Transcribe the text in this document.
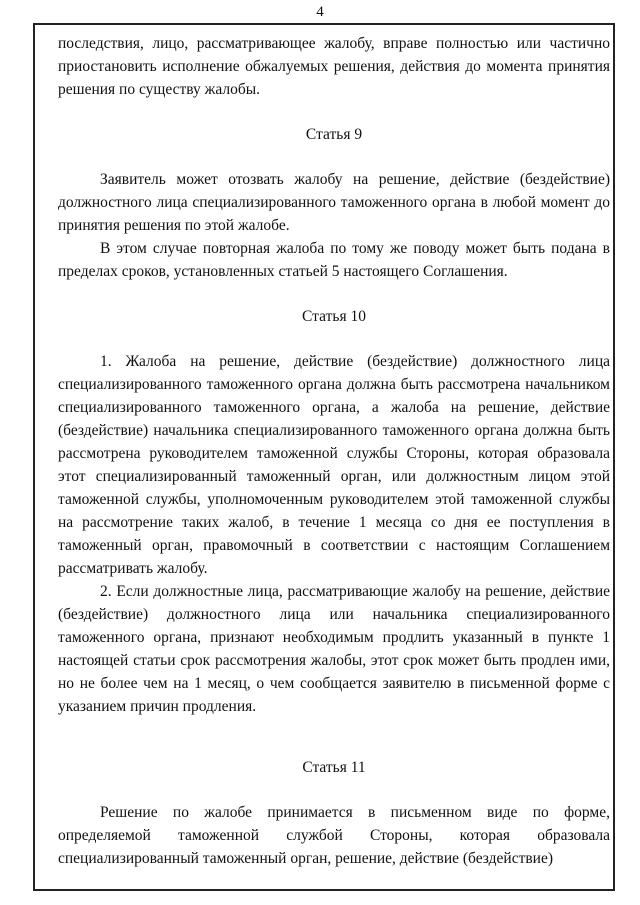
4

последствия, лицо, рассматривающее жалобу, вправе полностью или частично приостановить исполнение обжалуемых решения, действия до момента принятия решения по существу жалобы.

Статья 9

Заявитель может отозвать жалобу на решение, действие (бездействие) должностного лица специализированного таможенного органа в любой момент до принятия решения по этой жалобе.

В этом случае повторная жалоба по тому же поводу может быть подана в пределах сроков, установленных статьей 5 настоящего Соглашения.

Статья 10

1. Жалоба на решение, действие (бездействие) должностного лица специализированного таможенного органа должна быть рассмотрена начальником специализированного таможенного органа, а жалоба на решение, действие (бездействие) начальника специализированного таможенного органа должна быть рассмотрена руководителем таможенной службы Стороны, которая образовала этот специализированный таможенный орган, или должностным лицом этой таможенной службы, уполномоченным руководителем этой таможенной службы на рассмотрение таких жалоб, в течение 1 месяца со дня ее поступления в таможенный орган, правомочный в соответствии с настоящим Соглашением рассматривать жалобу.

2. Если должностные лица, рассматривающие жалобу на решение, действие (бездействие) должностного лица или начальника специализированного таможенного органа, признают необходимым продлить указанный в пункте 1 настоящей статьи срок рассмотрения жалобы, этот срок может быть продлен ими, но не более чем на 1 месяц, о чем сообщается заявителю в письменной форме с указанием причин продления.

Статья 11

Решение по жалобе принимается в письменном виде по форме, определяемой таможенной службой Стороны, которая образовала специализированный таможенный орган, решение, действие (бездействие)
